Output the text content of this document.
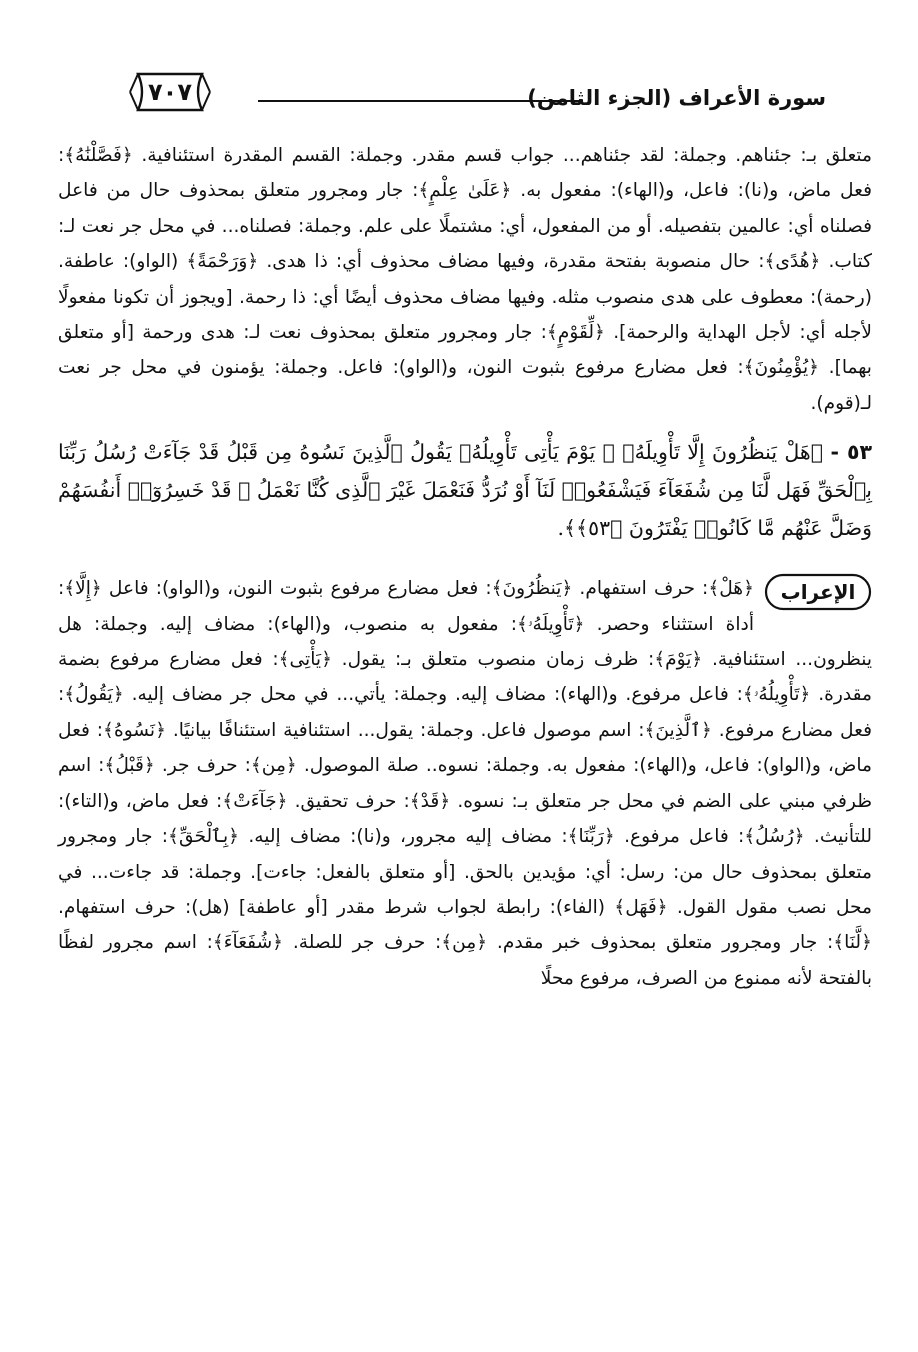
٧٠٧	سورة الأعراف (الجزء الثامن)

متعلق بـ: جئناهم. وجملة: لقد جئناهم... جواب قسم مقدر. وجملة: القسم المقدرة استئنافية. ﴿فَصَّلْنَٰهُ﴾: فعل ماض، و(نا): فاعل، و(الهاء): مفعول به. ﴿عَلَىٰ عِلْمٍ﴾: جار ومجرور متعلق بمحذوف حال من فاعل فصلناه أي: عالمين بتفصيله. أو من المفعول، أي: مشتملًا على علم. وجملة: فصلناه... في محل جر نعت لـ: كتاب. ﴿هُدًى﴾: حال منصوبة بفتحة مقدرة، وفيها مضاف محذوف أي: ذا هدى. ﴿وَرَحْمَةً﴾ (الواو): عاطفة. (رحمة): معطوف على هدى منصوب مثله. وفيها مضاف محذوف أيضًا أي: ذا رحمة. [ويجوز أن تكونا مفعولًا لأجله أي: لأجل الهداية والرحمة]. ﴿لِّقَوْمٍ﴾: جار ومجرور متعلق بمحذوف نعت لـ: هدى ورحمة [أو متعلق بهما]. ﴿يُؤْمِنُونَ﴾: فعل مضارع مرفوع بثبوت النون، و(الواو): فاعل. وجملة: يؤمنون في محل جر نعت لـ(قوم).

٥٣ - ﴿هَلْ يَنظُرُونَ إِلَّا تَأْوِيلَهُۥ ۚ يَوْمَ يَأْتِى تَأْوِيلُهُۥ يَقُولُ ٱلَّذِينَ نَسُوهُ مِن قَبْلُ قَدْ جَآءَتْ رُسُلُ رَبِّنَا بِٱلْحَقِّ فَهَل لَّنَا مِن شُفَعَآءَ فَيَشْفَعُوا۟ لَنَآ أَوْ نُرَدُّ فَنَعْمَلَ غَيْرَ ٱلَّذِى كُنَّا نَعْمَلُ ۚ قَدْ خَسِرُوٓا۟ أَنفُسَهُمْ وَضَلَّ عَنْهُم مَّا كَانُوا۟ يَفْتَرُونَ ﴿٥٣﴾﴾.

الإعراب
﴿هَلْ﴾: حرف استفهام. ﴿يَنظُرُونَ﴾: فعل مضارع مرفوع بثبوت النون، و(الواو): فاعل ﴿إِلَّا﴾: أداة استثناء وحصر. ﴿تَأْوِيلَهُۥ﴾: مفعول به منصوب، و(الهاء): مضاف إليه. وجملة: هل ينظرون... استئنافية. ﴿يَوْمَ﴾: ظرف زمان منصوب متعلق بـ: يقول. ﴿يَأْتِى﴾: فعل مضارع مرفوع بضمة مقدرة. ﴿تَأْوِيلُهُۥ﴾: فاعل مرفوع. و(الهاء): مضاف إليه. وجملة: يأتي... في محل جر مضاف إليه. ﴿يَقُولُ﴾: فعل مضارع مرفوع. ﴿ٱلَّذِينَ﴾: اسم موصول فاعل. وجملة: يقول... استئنافية استئنافًا بيانيًا. ﴿نَسُوهُ﴾: فعل ماض، و(الواو): فاعل، و(الهاء): مفعول به. وجملة: نسوه.. صلة الموصول. ﴿مِن﴾: حرف جر. ﴿قَبْلُ﴾: اسم ظرفي مبني على الضم في محل جر متعلق بـ: نسوه. ﴿قَدْ﴾: حرف تحقيق. ﴿جَآءَتْ﴾: فعل ماض، و(التاء): للتأنيث. ﴿رُسُلُ﴾: فاعل مرفوع. ﴿رَبِّنَا﴾: مضاف إليه مجرور، و(نا): مضاف إليه. ﴿بِٱلْحَقِّ﴾: جار ومجرور متعلق بمحذوف حال من: رسل: أي: مؤيدين بالحق. [أو متعلق بالفعل: جاءت]. وجملة: قد جاءت... في محل نصب مقول القول. ﴿فَهَل﴾ (الفاء): رابطة لجواب شرط مقدر [أو عاطفة] (هل): حرف استفهام. ﴿لَّنَا﴾: جار ومجرور متعلق بمحذوف خبر مقدم. ﴿مِن﴾: حرف جر للصلة. ﴿شُفَعَآءَ﴾: اسم مجرور لفظًا بالفتحة لأنه ممنوع من الصرف، مرفوع محلًا
